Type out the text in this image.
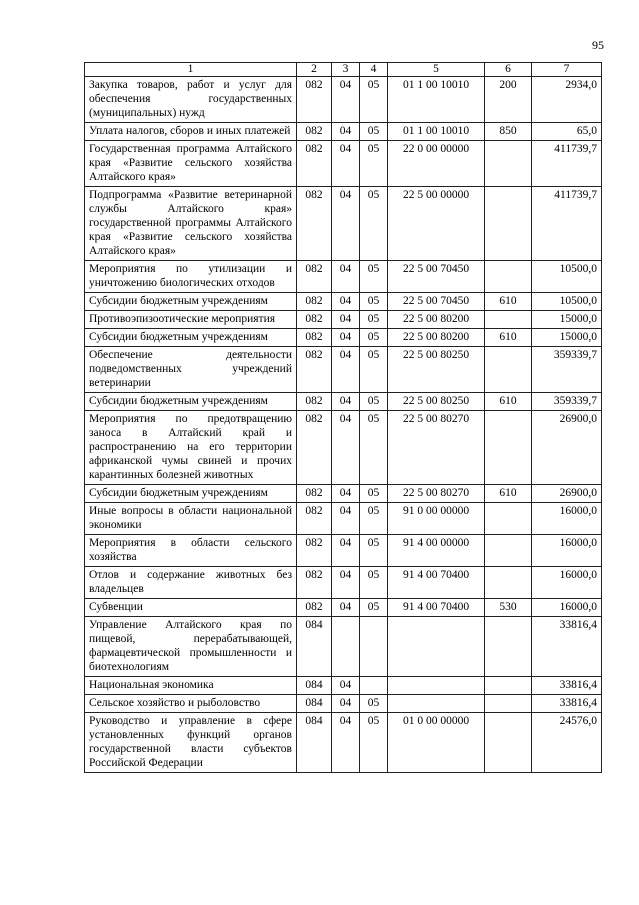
95
1	2	3	4	5	6	7
Закупка товаров, работ и услуг для обеспечения государственных (муниципальных) нужд	082	04	05	01 1 00 10010	200	2934,0
Уплата налогов, сборов и иных платежей	082	04	05	01 1 00 10010	850	65,0
Государственная программа Алтайского края «Развитие сельского хозяйства Алтайского края»	082	04	05	22 0 00 00000		411739,7
Подпрограмма «Развитие ветеринарной службы Алтайского края» государственной программы Алтайского края «Развитие сельского хозяйства Алтайского края»	082	04	05	22 5 00 00000		411739,7
Мероприятия по утилизации и уничтожению биологических отходов	082	04	05	22 5 00 70450		10500,0
Субсидии бюджетным учреждениям	082	04	05	22 5 00 70450	610	10500,0
Противоэпизоотические мероприятия	082	04	05	22 5 00 80200		15000,0
Субсидии бюджетным учреждениям	082	04	05	22 5 00 80200	610	15000,0
Обеспечение деятельности подведомственных учреждений ветеринарии	082	04	05	22 5 00 80250		359339,7
Субсидии бюджетным учреждениям	082	04	05	22 5 00 80250	610	359339,7
Мероприятия по предотвращению заноса в Алтайский край и распространению на его территории африканской чумы свиней и прочих карантинных болезней животных	082	04	05	22 5 00 80270		26900,0
Субсидии бюджетным учреждениям	082	04	05	22 5 00 80270	610	26900,0
Иные вопросы в области национальной экономики	082	04	05	91 0 00 00000		16000,0
Мероприятия в области сельского хозяйства	082	04	05	91 4 00 00000		16000,0
Отлов и содержание животных без владельцев	082	04	05	91 4 00 70400		16000,0
Субвенции	082	04	05	91 4 00 70400	530	16000,0
Управление Алтайского края по пищевой, перерабатывающей, фармацевтической промышленности и биотехнологиям	084					33816,4
Национальная экономика	084	04				33816,4
Сельское хозяйство и рыболовство	084	04	05			33816,4
Руководство и управление в сфере установленных функций органов государственной власти субъектов Российской Федерации	084	04	05	01 0 00 00000		24576,0
